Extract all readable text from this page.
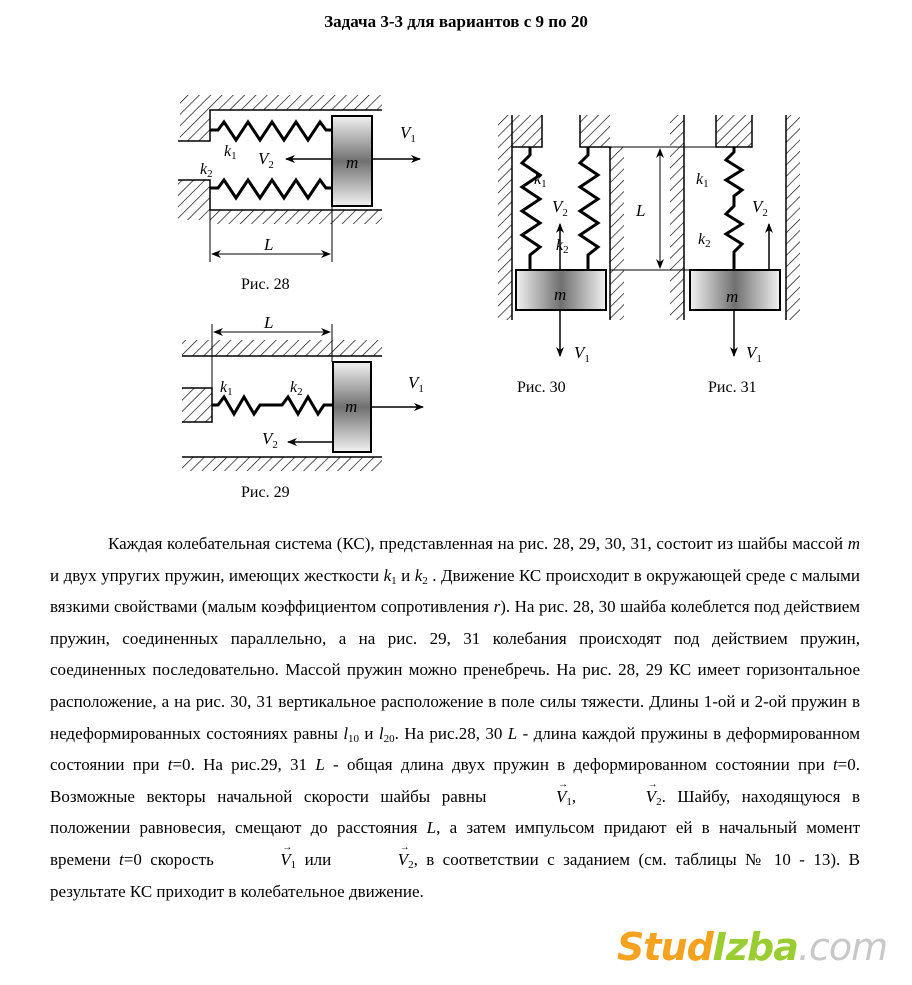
Задача 3-3 для вариантов с 9 по 20
m
$V_1$
$V_2$
k1
k2
L
Рис. 28
L
m
$V_1$
$V_2$
k1	k2
Рис. 29
m
k1
k2
$V_2$
$V_1$
L
m
k1
k2
$V_2$
$V_1$
Рис. 30	Рис. 31

Каждая колебательная система (КС), представленная на рис. 28, 29, 30, 31, состоит из шайбы массой m и двух упругих пружин, имеющих жесткости $k_1$ и $k_2$ . Движение КС происходит в окружающей среде с малыми вязкими свойствами (малым коэффициентом сопротивления r). На рис. 28, 30 шайба колеблется под действием пружин, соединенных параллельно, а на рис. 29, 31 колебания происходят под действием пружин, соединенных последовательно. Массой пружин можно пренебречь. На рис. 28, 29 КС имеет горизонтальное расположение, а на рис. 30, 31 вертикальное расположение в поле силы тяжести. Длины 1-ой и 2-ой пружин в недеформированных состояниях равны $l_{10}$ и $l_{20}$. На рис.28, 30 L - длина каждой пружины в деформированном состоянии при t=0. На рис.29, 31 L - общая длина двух пружин в деформированном состоянии при t=0. Возможные векторы начальной скорости шайбы равны	→ $V_1$,	→ $V_2$. Шайбу, находящуюся в положении равновесия, смещают до расстояния L, а затем импульсом придают ей в начальный момент времени t=0 скорость	→ $V_1$ или	→ $V_2$, в соответствии с заданием (см. таблицы № 10 - 13). В результате КС приходит в колебательное движение.

StudIzba.com
